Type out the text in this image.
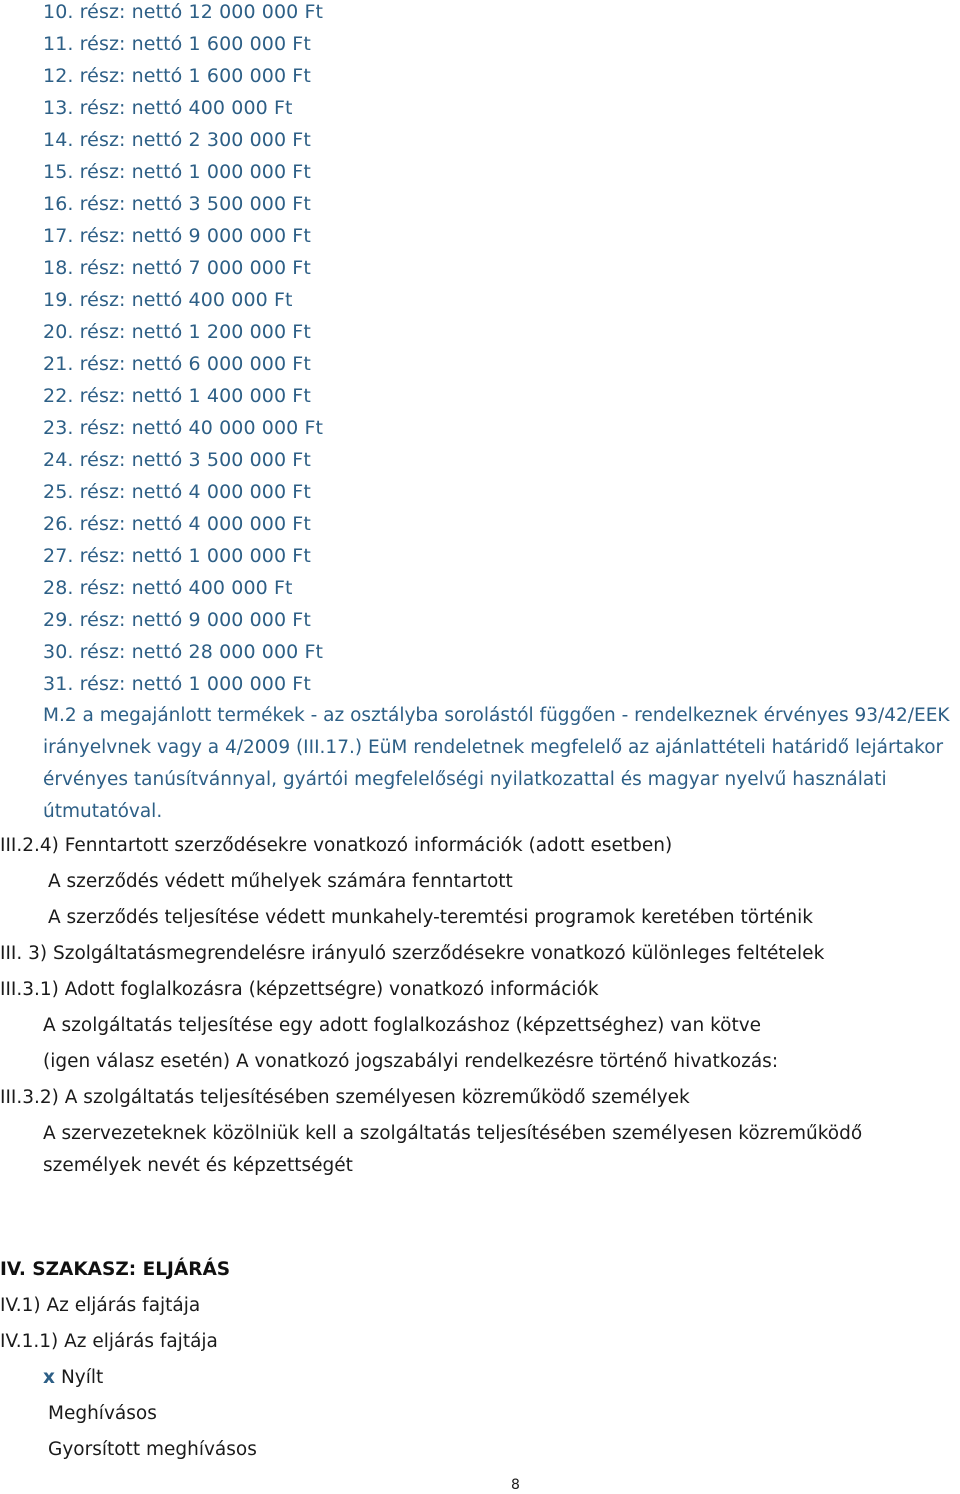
10. rész: nettó 12 000 000 Ft
11. rész: nettó 1 600 000 Ft
12. rész: nettó 1 600 000 Ft
13. rész: nettó 400 000 Ft
14. rész: nettó 2 300 000 Ft
15. rész: nettó 1 000 000 Ft
16. rész: nettó 3 500 000 Ft
17. rész: nettó 9 000 000 Ft
18. rész: nettó 7 000 000 Ft
19. rész: nettó 400 000 Ft
20. rész: nettó 1 200 000 Ft
21. rész: nettó 6 000 000 Ft
22. rész: nettó 1 400 000 Ft
23. rész: nettó 40 000 000 Ft
24. rész: nettó 3 500 000 Ft
25. rész: nettó 4 000 000 Ft
26. rész: nettó 4 000 000 Ft
27. rész: nettó 1 000 000 Ft
28. rész: nettó 400 000 Ft
29. rész: nettó 9 000 000 Ft
30. rész: nettó 28 000 000 Ft
31. rész: nettó 1 000 000 Ft

M.2 a megajánlott termékek - az osztályba sorolástól függően - rendelkeznek érvényes 93/42/EEK irányelvnek vagy a 4/2009 (III.17.) EüM rendeletnek megfelelő az ajánlattételi határidő lejártakor érvényes tanúsítvánnyal, gyártói megfelelőségi nyilatkozattal és magyar nyelvű használati útmutatóval.

III.2.4) Fenntartott szerződésekre vonatkozó információk (adott esetben)
A szerződés védett műhelyek számára fenntartott
A szerződés teljesítése védett munkahely-teremtési programok keretében történik
III. 3) Szolgáltatásmegrendelésre irányuló szerződésekre vonatkozó különleges feltételek
III.3.1) Adott foglalkozásra (képzettségre) vonatkozó információk
A szolgáltatás teljesítése egy adott foglalkozáshoz (képzettséghez) van kötve
(igen válasz esetén) A vonatkozó jogszabályi rendelkezésre történő hivatkozás:
III.3.2) A szolgáltatás teljesítésében személyesen közreműködő személyek
A szervezeteknek közölniük kell a szolgáltatás teljesítésében személyesen közreműködő
személyek nevét és képzettségét
IV. SZAKASZ: ELJÁRÁS
IV.1) Az eljárás fajtája
IV.1.1) Az eljárás fajtája
x Nyílt
Meghívásos
Gyorsított meghívásos
8
